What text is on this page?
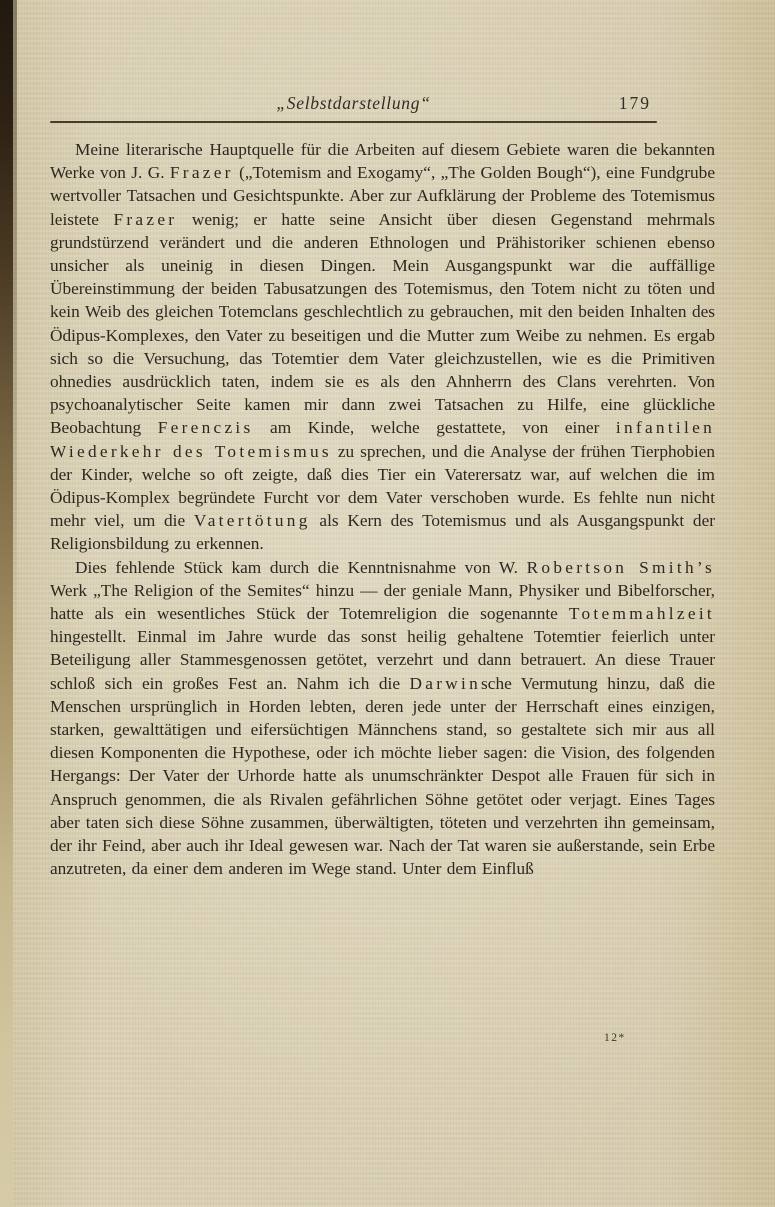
„Selbstdarstellung“	179

Meine literarische Hauptquelle für die Arbeiten auf diesem Gebiete waren die bekannten Werke von J. G. Frazer („Totemism and Exogamy“, „The Golden Bough“), eine Fundgrube wertvoller Tatsachen und Gesichtspunkte. Aber zur Aufklärung der Probleme des Totemismus leistete Frazer wenig; er hatte seine Ansicht über diesen Gegenstand mehrmals grundstürzend verändert und die anderen Ethnologen und Prähistoriker schienen ebenso unsicher als uneinig in diesen Dingen. Mein Ausgangspunkt war die auffällige Übereinstimmung der beiden Tabusatzungen des Totemismus, den Totem nicht zu töten und kein Weib des gleichen Totemclans geschlechtlich zu gebrauchen, mit den beiden Inhalten des Ödipus-Komplexes, den Vater zu beseitigen und die Mutter zum Weibe zu nehmen. Es ergab sich so die Versuchung, das Totemtier dem Vater gleichzustellen, wie es die Primitiven ohnedies ausdrücklich taten, indem sie es als den Ahnherrn des Clans verehrten. Von psychoanalytischer Seite kamen mir dann zwei Tatsachen zu Hilfe, eine glückliche Beobachtung Ferenczis am Kinde, welche gestattete, von einer infantilen Wiederkehr des Totemismus zu sprechen, und die Analyse der frühen Tierphobien der Kinder, welche so oft zeigte, daß dies Tier ein Vaterersatz war, auf welchen die im Ödipus-Komplex begründete Furcht vor dem Vater verschoben wurde. Es fehlte nun nicht mehr viel, um die Vatertötung als Kern des Totemismus und als Ausgangspunkt der Religionsbildung zu erkennen.

Dies fehlende Stück kam durch die Kenntnisnahme von W. Robertson Smith’s Werk „The Religion of the Semites“ hinzu — der geniale Mann, Physiker und Bibelforscher, hatte als ein wesentliches Stück der Totemreligion die sogenannte Totemmahlzeit hingestellt. Einmal im Jahre wurde das sonst heilig gehaltene Totemtier feierlich unter Beteiligung aller Stammesgenossen getötet, verzehrt und dann betrauert. An diese Trauer schloß sich ein großes Fest an. Nahm ich die Darwinsche Vermutung hinzu, daß die Menschen ursprünglich in Horden lebten, deren jede unter der Herrschaft eines einzigen, starken, gewalttätigen und eifersüchtigen Männchens stand, so gestaltete sich mir aus all diesen Komponenten die Hypothese, oder ich möchte lieber sagen: die Vision, des folgenden Hergangs: Der Vater der Urhorde hatte als unumschränkter Despot alle Frauen für sich in Anspruch genommen, die als Rivalen gefährlichen Söhne getötet oder verjagt. Eines Tages aber taten sich diese Söhne zusammen, überwältigten, töteten und verzehrten ihn gemeinsam, der ihr Feind, aber auch ihr Ideal gewesen war. Nach der Tat waren sie außerstande, sein Erbe anzutreten, da einer dem anderen im Wege stand. Unter dem Einfluß

12*
